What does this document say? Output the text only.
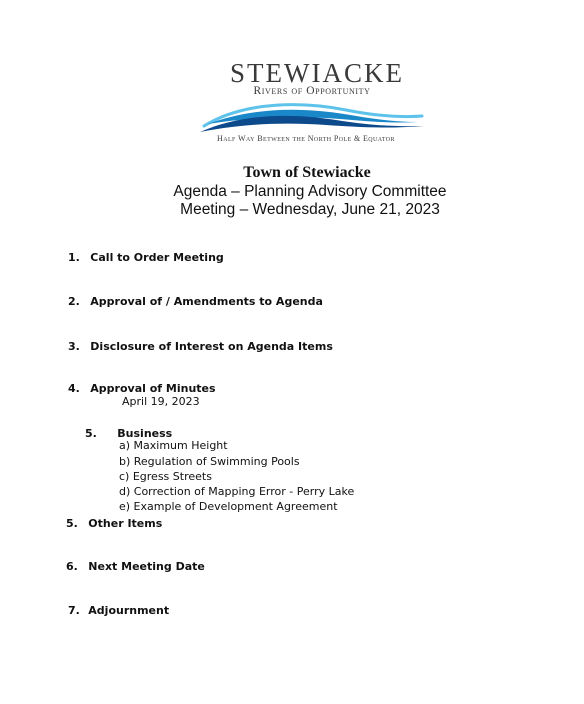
STEWIACKE
Rivers of Opportunity
Half Way Between the North Pole & Equator
Town of Stewiacke
Agenda – Planning Advisory Committee
Meeting – Wednesday, June 21, 2023
1. Call to Order Meeting
2. Approval of / Amendments to Agenda
3. Disclosure of Interest on Agenda Items
4. Approval of Minutes
April 19, 2023
5. Business
a) Maximum Height
b) Regulation of Swimming Pools
c) Egress Streets
d) Correction of Mapping Error - Perry Lake
e) Example of Development Agreement
5. Other Items
6. Next Meeting Date
7. Adjournment
